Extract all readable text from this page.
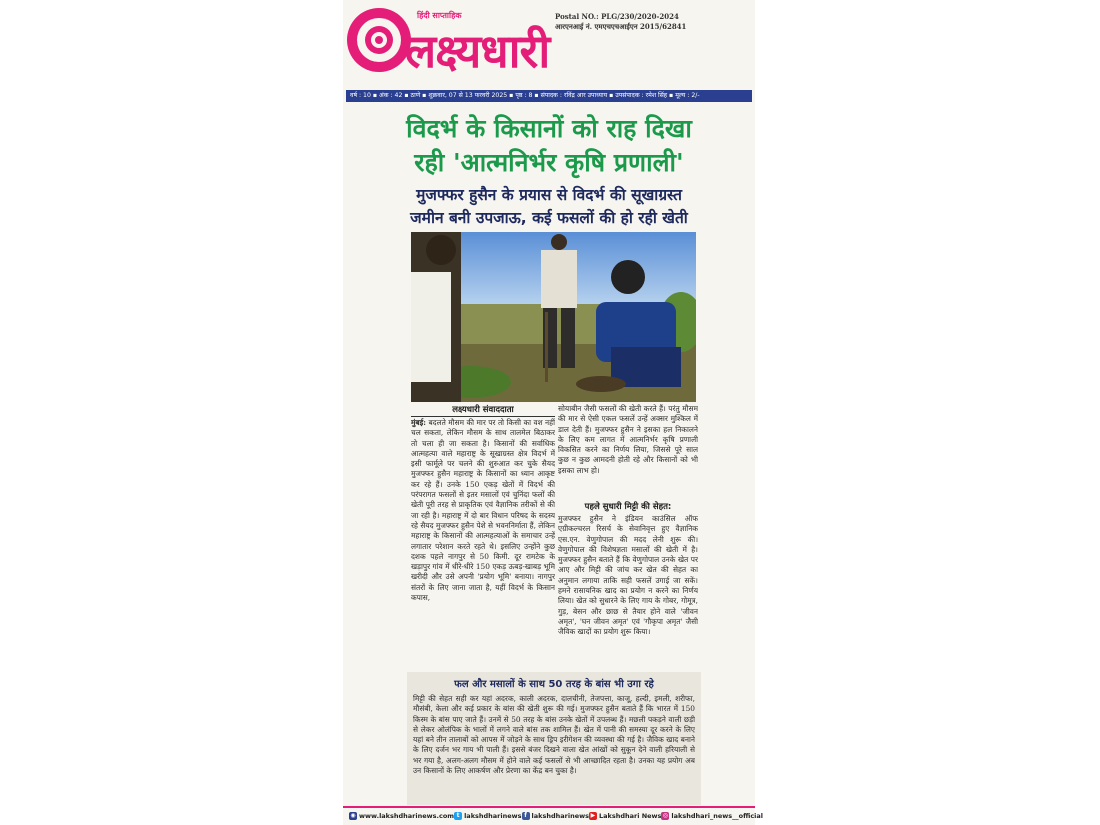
हिंदी साप्ताहिक
लक्ष्यधारी
Postal NO.: PLG/230/2020-2024
आरएनआई नं. एमएचएचआईएन 2015/62841
वर्ष : 10 ▪ अंक : 42 ▪ ठाणे ▪ शुक्रवार, 07 से 13 फरवरी 2025 ▪ पृष्ठ : 8 ▪ संपादक : रविंद्र आर उपाध्याय ▪ उपसंपादक : रमेश सिंह ▪ मूल्य : 2/-
विदर्भ के किसानों को राह दिखा
रही 'आत्मनिर्भर कृषि प्रणाली'
मुजफ्फर हुसैन के प्रयास से विदर्भ की सूखाग्रस्त
जमीन बनी उपजाऊ, कई फसलों की हो रही खेती
लक्ष्यधारी संवाददाता
मुंबई: बदलते मौसम की मार पर तो किसी का वश नहीं चल सकता, लेकिन मौसम के साथ तालमेल बिठाकर तो चला ही जा सकता है। किसानों की सर्वाधिक आत्महत्या वाले महाराष्ट्र के सूखाग्रस्त क्षेत्र विदर्भ में इसी फार्मूले पर चलने की शुरुआत कर चुके सैयद मुजफ्फर हुसैन महाराष्ट्र के किसानों का ध्यान आकृष्ट कर रहे हैं। उनके 150 एकड़ खेतों में विदर्भ की परंपरागत फसलों से इतर मसालों एवं चुनिंदा फलों की खेती पूरी तरह से प्राकृतिक एवं वैज्ञानिक तरीकों से की जा रही है। महाराष्ट्र में दो बार विधान परिषद के सदस्य रहे सैयद मुजफ्फर हुसैन पेशे से भवननिर्माता हैं, लेकिन महाराष्ट्र के किसानों की आत्महत्याओं के समाचार उन्हें लगातार परेशान करते रहते थे। इसलिए उन्होंने कुछ दशक पहले नागपुर से 50 किमी. दूर रामटेक के खड़ापुर गांव में धीरे-धीरे 150 एकड़ ऊबड़-खाबड़ भूमि खरीदी और उसे अपनी 'प्रयोग भूमि' बनाया। नागपुर संतरों के लिए जाना जाता है, यहीं विदर्भ के किसान कपास,
सोयाबीन जैसी फसलों की खेती करते हैं। परंतु मौसम की मार से ऐसी एकल फसलें उन्हें अक्सर मुश्किल में डाल देती हैं। मुजफ्फर हुसैन ने इसका हल निकालने के लिए कम लागत में आत्मनिर्भर कृषि प्रणाली विकसित करने का निर्णय लिया, जिससे पूरे साल कुछ न कुछ आमदनी होती रहे और किसानों को भी इसका लाभ हो।
पहले सुधारी मिट्टी की सेहत:
मुजफ्फर हुसैन ने इंडियन काउंसिल ऑफ एग्रीकल्चरल रिसर्च के सेवानिवृत्त हुए वैज्ञानिक एस.एन. वेणुगोपाल की मदद लेनी शुरू की। वेणुगोपाल की विशेषज्ञता मसालों की खेती में है। मुजफ्फर हुसैन बताते हैं कि वेणुगोपाल उनके खेत पर आए और मिट्टी की जांच कर खेत की सेहत का अनुमान लगाया ताकि सही फसलें उगाई जा सकें। हमने रासायनिक खाद का प्रयोग न करने का निर्णय लिया। खेत को सुधारने के लिए गाय के गोबर, गोमूत्र, गुड़, बेसन और छाछ से तैयार होने वाले 'जीवन अमृत', 'घन जीवन अमृत' एवं 'गौकृपा अमृत' जैसी जैविक खादों का प्रयोग शुरू किया।
फल और मसालों के साथ 50 तरह के बांस भी उगा रहे
मिट्टी की सेहत सही कर यहां अदरक, काली अदरक, दालचीनी, तेजपत्ता, काजू, हल्दी, इमली, शरीफा, मौसंबी, केला और कई प्रकार के बांस की खेती शुरू की गई। मुजफ्फर हुसैन बताते हैं कि भारत में 150 किस्म के बांस पाए जाते हैं। उनमें से 50 तरह के बांस उनके खेतों में उपलब्ध हैं। मछली पकड़ने वाली छड़ी से लेकर ओलंपिक के भालों में लगने वाले बांस तक शामिल हैं। खेत में पानी की समस्या दूर करने के लिए यहां बने तीन तालाबों को आपस में जोड़ने के साथ ड्रिप इरीगेशन की व्यवस्था की गई है। जैविक खाद बनाने के लिए दर्जन भर गाय भी पाली हैं। इससे बंजर दिखने वाला खेत आंखों को सुकून देने वाली हरियाली से भर गया है, अलग-अलग मौसम में होने वाले कई फसलों से भी आच्छादित रहता है। उनका यह प्रयोग अब उन किसानों के लिए आकर्षण और प्रेरणा का केंद्र बन चुका है।
◉ www.lakshdharinews.com t lakshdharinews f lakshdharinews ▶ Lakshdhari News ◎ lakshdhari_news__official
